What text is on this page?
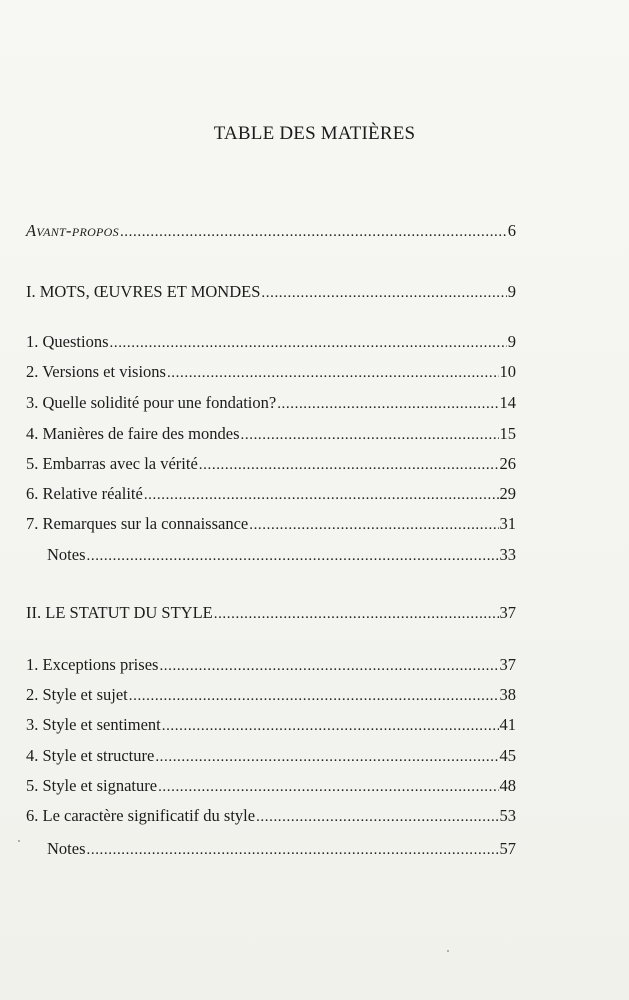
TABLE DES MATIÈRES
Avant-propos .....	6
I. MOTS, ŒUVRES ET MONDES .....	9
1. Questions .....	9
2. Versions et visions .....	10
3. Quelle solidité pour une fondation? .....	14
4. Manières de faire des mondes .....	15
5. Embarras avec la vérité .....	26
6. Relative réalité .....	29
7. Remarques sur la connaissance .....	31
Notes .....	33
II. LE STATUT DU STYLE .....	37
1. Exceptions prises .....	37
2. Style et sujet .....	38
3. Style et sentiment .....	41
4. Style et structure .....	45
5. Style et signature .....	48
6. Le caractère significatif du style .....	53
Notes .....	57
